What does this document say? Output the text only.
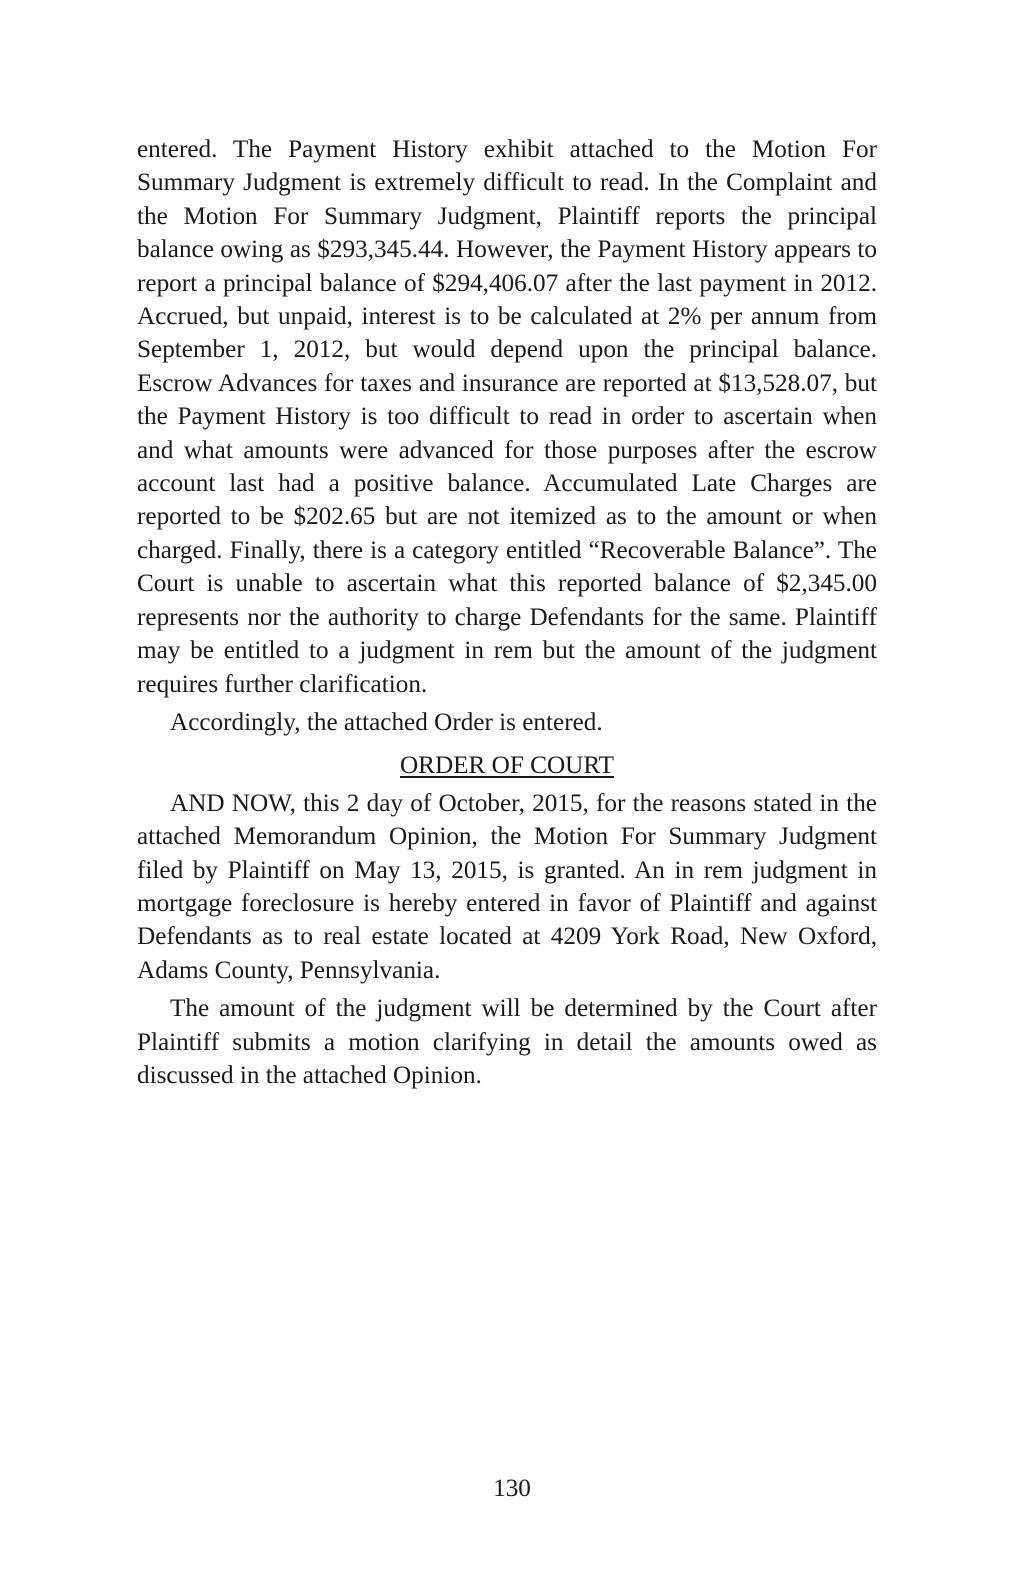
entered. The Payment History exhibit attached to the Motion For Summary Judgment is extremely difficult to read. In the Complaint and the Motion For Summary Judgment, Plaintiff reports the principal balance owing as $293,345.44. However, the Payment History appears to report a principal balance of $294,406.07 after the last payment in 2012. Accrued, but unpaid, interest is to be calculated at 2% per annum from September 1, 2012, but would depend upon the principal balance. Escrow Advances for taxes and insurance are reported at $13,528.07, but the Payment History is too difficult to read in order to ascertain when and what amounts were advanced for those purposes after the escrow account last had a positive balance. Accumulated Late Charges are reported to be $202.65 but are not itemized as to the amount or when charged. Finally, there is a category entitled “Recoverable Balance”. The Court is unable to ascertain what this reported balance of $2,345.00 represents nor the authority to charge Defendants for the same. Plaintiff may be entitled to a judgment in rem but the amount of the judgment requires further clarification.

Accordingly, the attached Order is entered.

ORDER OF COURT

AND NOW, this 2 day of October, 2015, for the reasons stated in the attached Memorandum Opinion, the Motion For Summary Judgment filed by Plaintiff on May 13, 2015, is granted. An in rem judgment in mortgage foreclosure is hereby entered in favor of Plaintiff and against Defendants as to real estate located at 4209 York Road, New Oxford, Adams County, Pennsylvania.

The amount of the judgment will be determined by the Court after Plaintiff submits a motion clarifying in detail the amounts owed as discussed in the attached Opinion.

130
